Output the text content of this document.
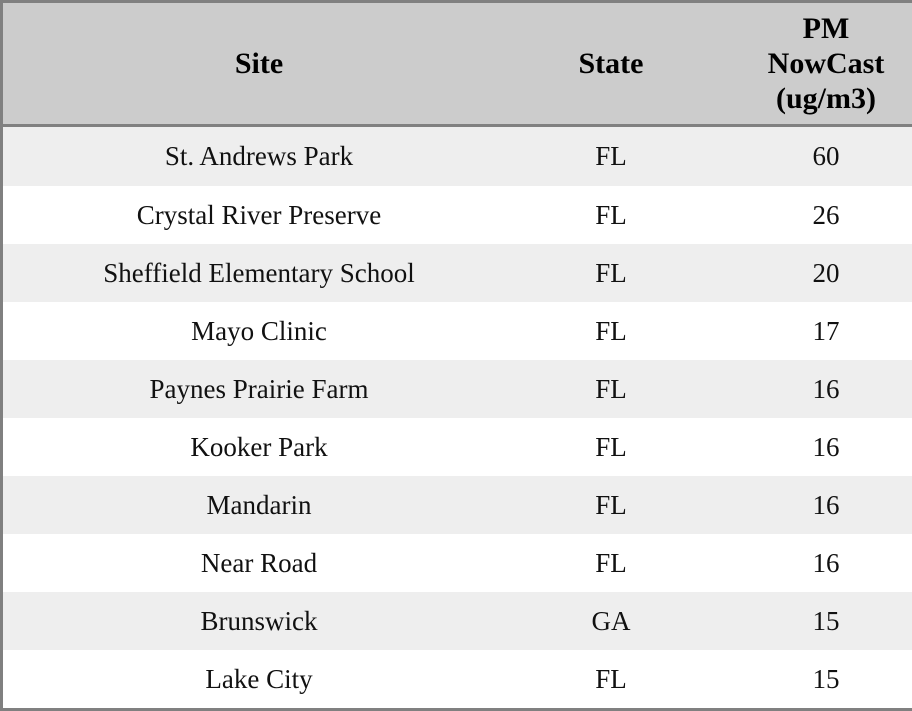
Site	State	PM
NowCast
(ug/m3)

St. Andrews Park	FL	60
Crystal River Preserve	FL	26
Sheffield Elementary School	FL	20
Mayo Clinic	FL	17
Paynes Prairie Farm	FL	16
Kooker Park	FL	16
Mandarin	FL	16
Near Road	FL	16
Brunswick	GA	15
Lake City	FL	15
